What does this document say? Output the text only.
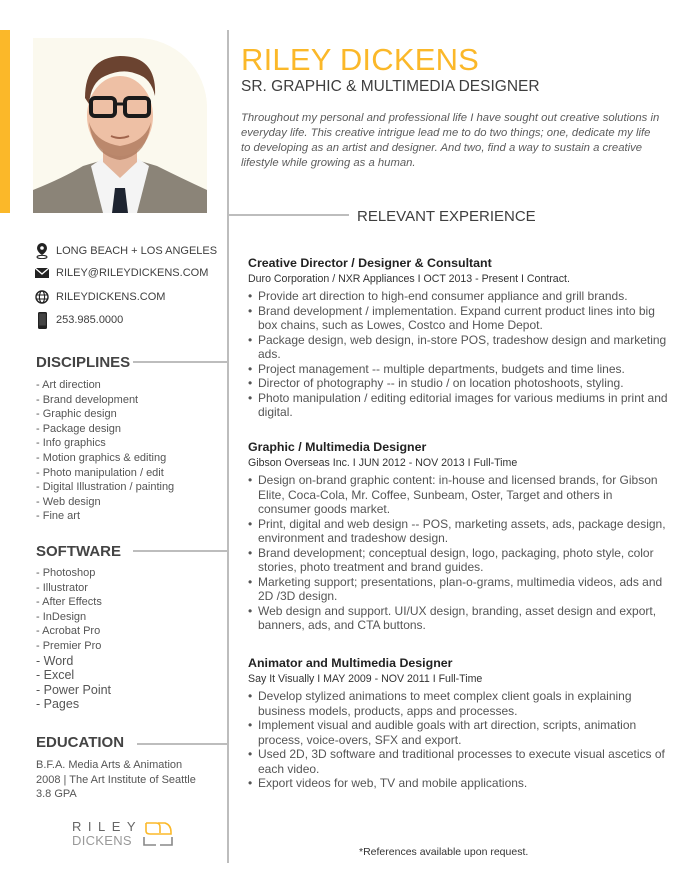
RILEY DICKENS
SR. GRAPHIC & MULTIMEDIA DESIGNER
Throughout my personal and professional life I have sought out creative solutions in everyday life. This creative intrigue lead me to do two things; one, dedicate my life to developing as an artist and designer. And two, find a way to sustain a creative lifestyle while growing as a human.
RELEVANT EXPERIENCE
LONG BEACH + LOS ANGELES
RILEY@RILEYDICKENS.COM
RILEYDICKENS.COM
253.985.0000
DISCIPLINES
- Art direction
- Brand development
- Graphic design
- Package design
- Info graphics
- Motion graphics & editing
- Photo manipulation / edit
- Digital Illustration / painting
- Web design
- Fine art
SOFTWARE
- Photoshop
- Illustrator
- After Effects
- InDesign
- Acrobat Pro
- Premier Pro
- Word
- Excel
- Power Point
- Pages
EDUCATION
B.F.A. Media Arts & Animation
2008 | The Art Institute of Seattle
3.8 GPA
RILEY
DICKENS
Creative Director / Designer & Consultant
Duro Corporation / NXR Appliances I OCT 2013 - Present I Contract.
• Provide art direction to high-end consumer appliance and grill brands.
• Brand development / implementation. Expand current product lines into big box chains, such as Lowes, Costco and Home Depot.
• Package design, web design, in-store POS, tradeshow design and marketing ads.
• Project management -- multiple departments, budgets and time lines.
• Director of photography -- in studio / on location photoshoots, styling.
• Photo manipulation / editing editorial images for various mediums in print and digital.
Graphic / Multimedia Designer
Gibson Overseas Inc. I JUN 2012 - NOV 2013 I Full-Time
• Design on-brand graphic content: in-house and licensed brands, for Gibson Elite, Coca-Cola, Mr. Coffee, Sunbeam, Oster, Target and others in consumer goods market.
• Print, digital and web design -- POS, marketing assets, ads, package design, environment and tradeshow design.
• Brand development; conceptual design, logo, packaging, photo style, color stories, photo treatment and brand guides.
• Marketing support; presentations, plan-o-grams, multimedia videos, ads and 2D /3D design.
• Web design and support. UI/UX design, branding, asset design and export, banners, ads, and CTA buttons.
Animator and Multimedia Designer
Say It Visually I MAY 2009 - NOV 2011 I Full-Time
• Develop stylized animations to meet complex client goals in explaining business models, products, apps and processes.
• Implement visual and audible goals with art direction, scripts, animation process, voice-overs, SFX and export.
• Used 2D, 3D software and traditional processes to execute visual ascetics of each video.
• Export videos for web, TV and mobile applications.
*References available upon request.
